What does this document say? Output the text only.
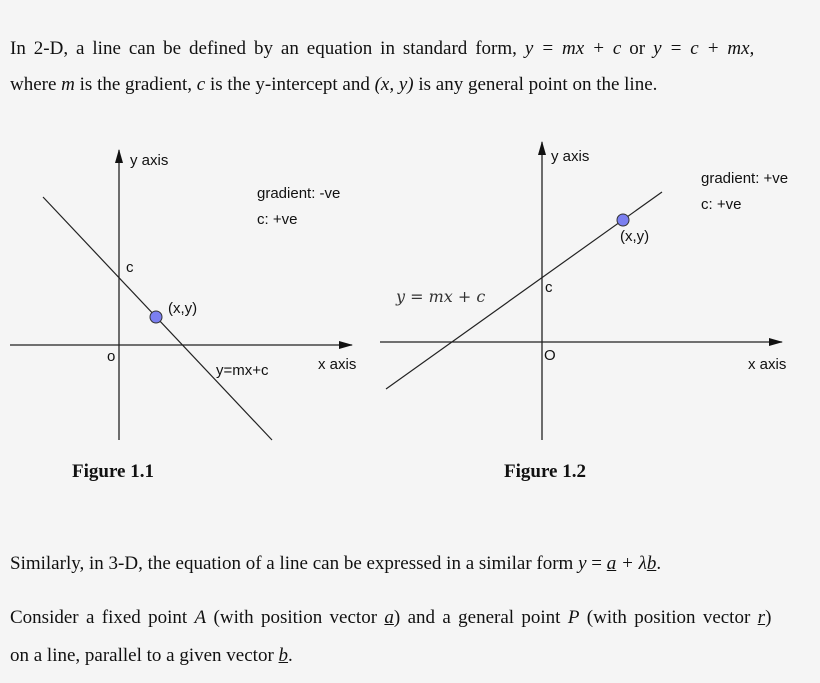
In 2-D, a line can be defined by an equation in standard form, y = mx + c or y = c + mx,

where m is the gradient, c is the y-intercept and (x, y) is any general point on the line.

y axis
x axis
o
c
(x,y)
y=mx+c
gradient: -ve
c: +ve
y axis
x axis
O
c
(x,y)
y = mx + c
gradient: +ve
c: +ve
Figure 1.1	Figure 1.2

Similarly, in 3-D, the equation of a line can be expressed in a similar form y = a + λb.

Consider a fixed point A (with position vector a) and a general point P (with position vector r)

on a line, parallel to a given vector b.
